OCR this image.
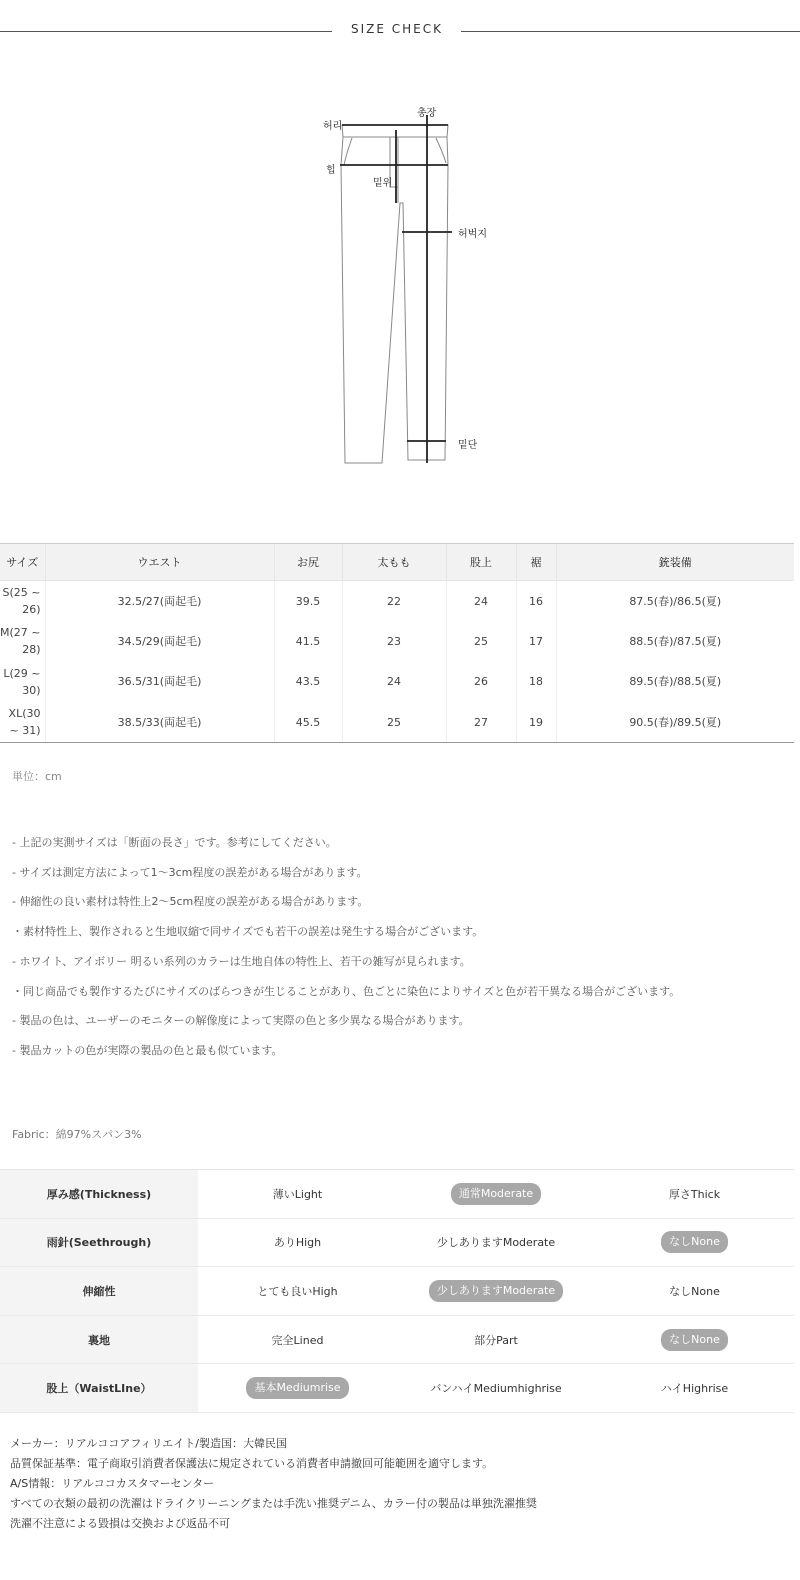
SIZE CHECK
허리
총장
힙
밑위
허벅지
밑단
サイズ	ウエスト	お尻	太もも	股上	裾	銃装備
S(25 ~ 26)	32.5/27(両起毛)	39.5	22	24	16	87.5(春)/86.5(夏)
M(27 ~ 28)	34.5/29(両起毛)	41.5	23	25	17	88.5(春)/87.5(夏)
L(29 ~ 30)	36.5/31(両起毛)	43.5	24	26	18	89.5(春)/88.5(夏)
XL(30 ~ 31)	38.5/33(両起毛)	45.5	25	27	19	90.5(春)/89.5(夏)
単位：cm
- 上記の実測サイズは「断面の長さ」です。参考にしてください。
- サイズは測定方法によって1〜3cm程度の誤差がある場合があります。
- 伸縮性の良い素材は特性上2〜5cm程度の誤差がある場合があります。
・素材特性上、製作されると生地収縮で同サイズでも若干の誤差は発生する場合がございます。
- ホワイト、アイボリー 明るい系列のカラーは生地自体の特性上、若干の雑写が見られます。
・同じ商品でも製作するたびにサイズのばらつきが生じることがあり、色ごとに染色によりサイズと色が若干異なる場合がございます。
- 製品の色は、ユーザーのモニターの解像度によって実際の色と多少異なる場合があります。
- 製品カットの色が実際の製品の色と最も似ています。
Fabric：綿97%スパン3%
厚み感(Thickness)	薄いLight	通常Moderate	厚さThick
雨針(Seethrough)	ありHigh	少しありますModerate	なしNone
伸縮性	とても良いHigh	少しありますModerate	なしNone
裏地	完全Lined	部分Part	なしNone
股上（WaistLIne）	基本Mediumrise	バンハイMediumhighrise	ハイHighrise
メーカー：リアルココアフィリエイト/製造国：大韓民国
品質保証基準：電子商取引消費者保護法に規定されている消費者申請撤回可能範囲を適守します。
A/S情報：リアルココカスタマーセンター
すべての衣類の最初の洗濯はドライクリーニングまたは手洗い推奨デニム、カラー付の製品は単独洗濯推奨
洗濯不注意による毀損は交換および返品不可
